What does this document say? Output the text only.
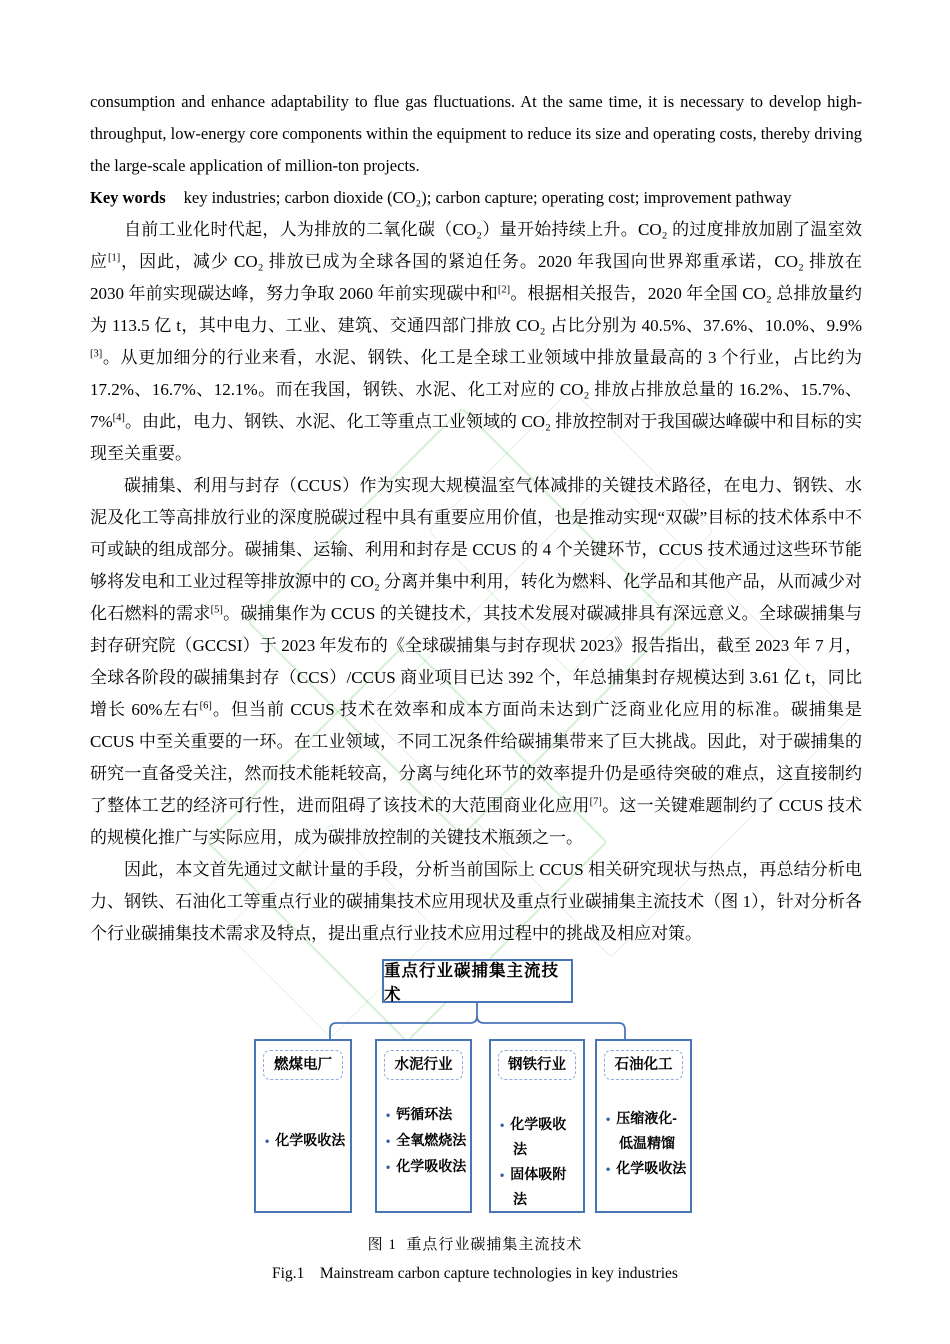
consumption and enhance adaptability to flue gas fluctuations. At the same time, it is necessary to develop high-throughput, low-energy core components within the equipment to reduce its size and operating costs, thereby driving the large-scale application of million-ton projects.

Key words key industries; carbon dioxide (CO₂); carbon capture; operating cost; improvement pathway

自前工业化时代起，人为排放的二氧化碳（CO₂）量开始持续上升。CO₂ 的过度排放加剧了温室效应[1]，因此，减少 CO₂ 排放已成为全球各国的紧迫任务。2020 年我国向世界郑重承诺，CO₂ 排放在 2030 年前实现碳达峰，努力争取 2060 年前实现碳中和[2]。根据相关报告，2020 年全国 CO₂ 总排放量约为 113.5 亿 t，其中电力、工业、建筑、交通四部门排放 CO₂ 占比分别为 40.5%、37.6%、10.0%、9.9%[3]。从更加细分的行业来看，水泥、钢铁、化工是全球工业领域中排放量最高的 3 个行业，占比约为 17.2%、16.7%、12.1%。而在我国，钢铁、水泥、化工对应的 CO₂ 排放占排放总量的 16.2%、15.7%、7%[4]。由此，电力、钢铁、水泥、化工等重点工业领域的 CO₂ 排放控制对于我国碳达峰碳中和目标的实现至关重要。

碳捕集、利用与封存（CCUS）作为实现大规模温室气体减排的关键技术路径，在电力、钢铁、水泥及化工等高排放行业的深度脱碳过程中具有重要应用价值，也是推动实现“双碳”目标的技术体系中不可或缺的组成部分。碳捕集、运输、利用和封存是 CCUS 的 4 个关键环节，CCUS 技术通过这些环节能够将发电和工业过程等排放源中的 CO₂ 分离并集中利用，转化为燃料、化学品和其他产品，从而减少对化石燃料的需求[5]。碳捕集作为 CCUS 的关键技术，其技术发展对碳减排具有深远意义。全球碳捕集与封存研究院（GCCSI）于 2023 年发布的《全球碳捕集与封存现状 2023》报告指出，截至 2023 年 7 月，全球各阶段的碳捕集封存（CCS）/CCUS 商业项目已达 392 个，年总捕集封存规模达到 3.61 亿 t，同比增长 60%左右[6]。但当前 CCUS 技术在效率和成本方面尚未达到广泛商业化应用的标准。碳捕集是 CCUS 中至关重要的一环。在工业领域，不同工况条件给碳捕集带来了巨大挑战。因此，对于碳捕集的研究一直备受关注，然而技术能耗较高，分离与纯化环节的效率提升仍是亟待突破的难点，这直接制约了整体工艺的经济可行性，进而阻碍了该技术的大范围商业化应用[7]。这一关键难题制约了 CCUS 技术的规模化推广与实际应用，成为碳排放控制的关键技术瓶颈之一。

因此，本文首先通过文献计量的手段，分析当前国际上 CCUS 相关研究现状与热点，再总结分析电力、钢铁、石油化工等重点行业的碳捕集技术应用现状及重点行业碳捕集主流技术（图 1），针对分析各个行业碳捕集技术需求及特点，提出重点行业技术应用过程中的挑战及相应对策。

重点行业碳捕集主流技术
燃煤电厂
• 化学吸收法
水泥行业
• 钙循环法
• 全氧燃烧法
• 化学吸收法
钢铁行业
• 化学吸收法
• 固体吸附法
石油化工
• 压缩液化-低温精馏
• 化学吸收法
图 1  重点行业碳捕集主流技术
Fig.1    Mainstream carbon capture technologies in key industries
